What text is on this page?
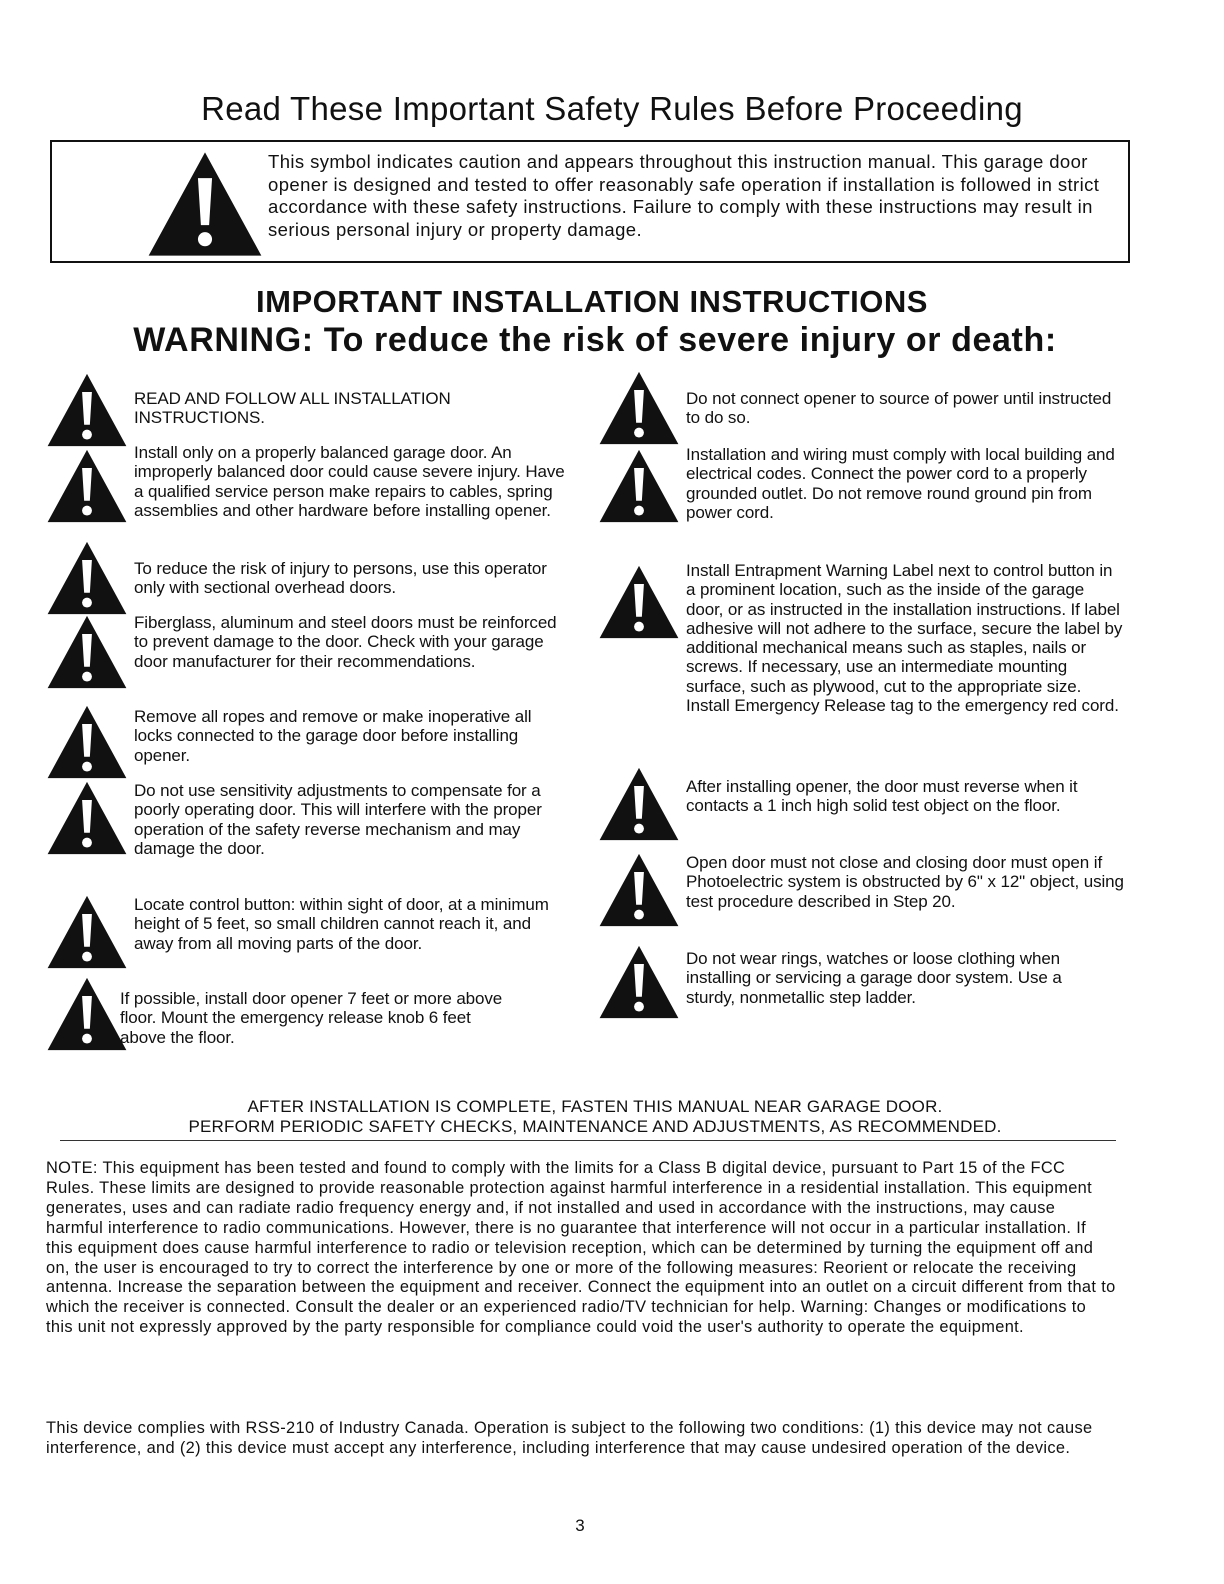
Read These Important Safety Rules Before Proceeding

This symbol indicates caution and appears throughout this instruction manual. This garage door opener is designed and tested to offer reasonably safe operation if installation is followed in strict accordance with these safety instructions. Failure to comply with these instructions may result in serious personal injury or property damage.

IMPORTANT INSTALLATION INSTRUCTIONS
WARNING: To reduce the risk of severe injury or death:

READ AND FOLLOW ALL INSTALLATION INSTRUCTIONS.

Install only on a properly balanced garage door. An improperly balanced door could cause severe injury. Have a qualified service person make repairs to cables, spring assemblies and other hardware before installing opener.

To reduce the risk of injury to persons, use this operator only with sectional overhead doors.

Fiberglass, aluminum and steel doors must be reinforced to prevent damage to the door. Check with your garage door manufacturer for their recommendations.

Remove all ropes and remove or make inoperative all locks connected to the garage door before installing opener.

Do not use sensitivity adjustments to compensate for a poorly operating door. This will interfere with the proper operation of the safety reverse mechanism and may damage the door.

Locate control button: within sight of door, at a minimum height of 5 feet, so small children cannot reach it, and away from all moving parts of the door.

If possible, install door opener 7 feet or more above floor. Mount the emergency release knob 6 feet above the floor.

Do not connect opener to source of power until instructed to do so.

Installation and wiring must comply with local building and electrical codes. Connect the power cord to a properly grounded outlet. Do not remove round ground pin from power cord.

Install Entrapment Warning Label next to control button in a prominent location, such as the inside of the garage door, or as instructed in the installation instructions. If label adhesive will not adhere to the surface, secure the label by additional mechanical means such as staples, nails or screws. If necessary, use an intermediate mounting surface, such as plywood, cut to the appropriate size. Install Emergency Release tag to the emergency red cord.

After installing opener, the door must reverse when it contacts a 1 inch high solid test object on the floor.

Open door must not close and closing door must open if Photoelectric system is obstructed by 6" x 12" object, using test procedure described in Step 20.

Do not wear rings, watches or loose clothing when installing or servicing a garage door system. Use a sturdy, nonmetallic step ladder.

AFTER INSTALLATION IS COMPLETE, FASTEN THIS MANUAL NEAR GARAGE DOOR.
PERFORM PERIODIC SAFETY CHECKS, MAINTENANCE AND ADJUSTMENTS, AS RECOMMENDED.

NOTE: This equipment has been tested and found to comply with the limits for a Class B digital device, pursuant to Part 15 of the FCC Rules. These limits are designed to provide reasonable protection against harmful interference in a residential installation. This equipment generates, uses and can radiate radio frequency energy and, if not installed and used in accordance with the instructions, may cause harmful interference to radio communications. However, there is no guarantee that interference will not occur in a particular installation. If this equipment does cause harmful interference to radio or television reception, which can be determined by turning the equipment off and on, the user is encouraged to try to correct the interference by one or more of the following measures: Reorient or relocate the receiving antenna. Increase the separation between the equipment and receiver. Connect the equipment into an outlet on a circuit different from that to which the receiver is connected. Consult the dealer or an experienced radio/TV technician for help. Warning: Changes or modifications to this unit not expressly approved by the party responsible for compliance could void the user's authority to operate the equipment.

This device complies with RSS-210 of Industry Canada. Operation is subject to the following two conditions: (1) this device may not cause interference, and (2) this device must accept any interference, including interference that may cause undesired operation of the device.

3
